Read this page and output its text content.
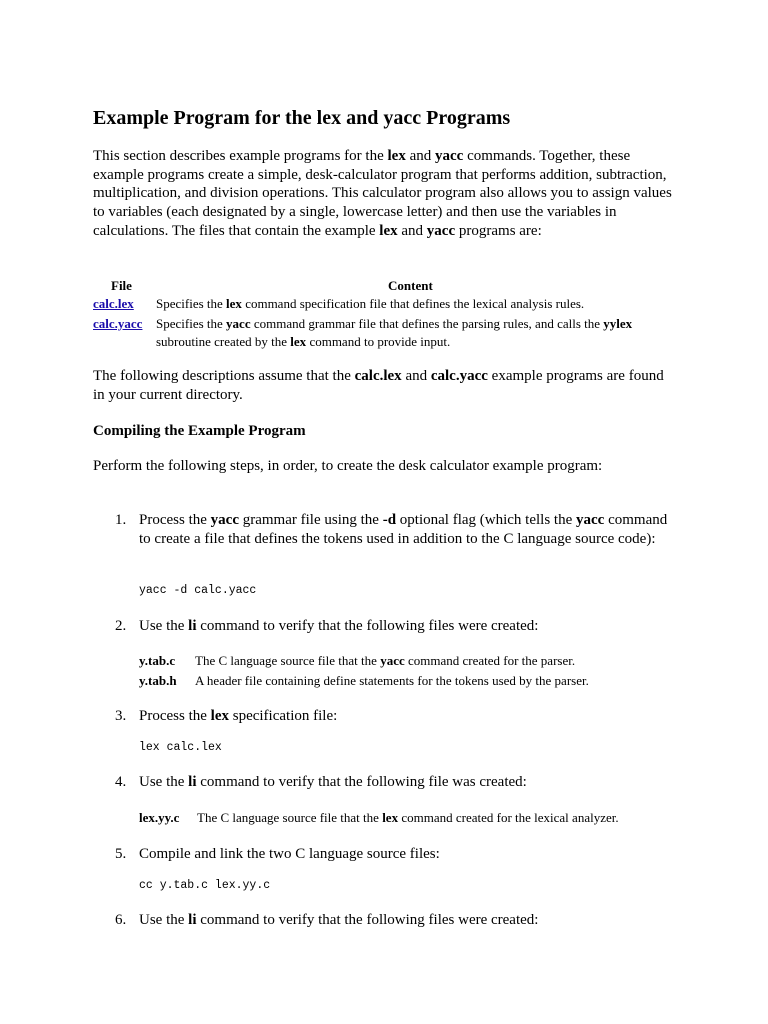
Example Program for the lex and yacc Programs

This section describes example programs for the lex and yacc commands. Together, these example programs create a simple, desk-calculator program that performs addition, subtraction, multiplication, and division operations. This calculator program also allows you to assign values to variables (each designated by a single, lowercase letter) and then use the variables in calculations. The files that contain the example lex and yacc programs are:

File	Content
calc.lex Specifies the lex command specification file that defines the lexical analysis rules.
calc.yacc Specifies the yacc command grammar file that defines the parsing rules, and calls the yylex subroutine created by the lex command to provide input.

The following descriptions assume that the calc.lex and calc.yacc example programs are found in your current directory.

Compiling the Example Program

Perform the following steps, in order, to create the desk calculator example program:

1. Process the yacc grammar file using the -d optional flag (which tells the yacc command to create a file that defines the tokens used in addition to the C language source code):
yacc -d calc.yacc
2. Use the li command to verify that the following files were created:
y.tab.c The C language source file that the yacc command created for the parser.
y.tab.h A header file containing define statements for the tokens used by the parser.
3. Process the lex specification file:
lex calc.lex
4. Use the li command to verify that the following file was created:
lex.yy.c The C language source file that the lex command created for the lexical analyzer.
5. Compile and link the two C language source files:
cc y.tab.c lex.yy.c
6. Use the li command to verify that the following files were created:
